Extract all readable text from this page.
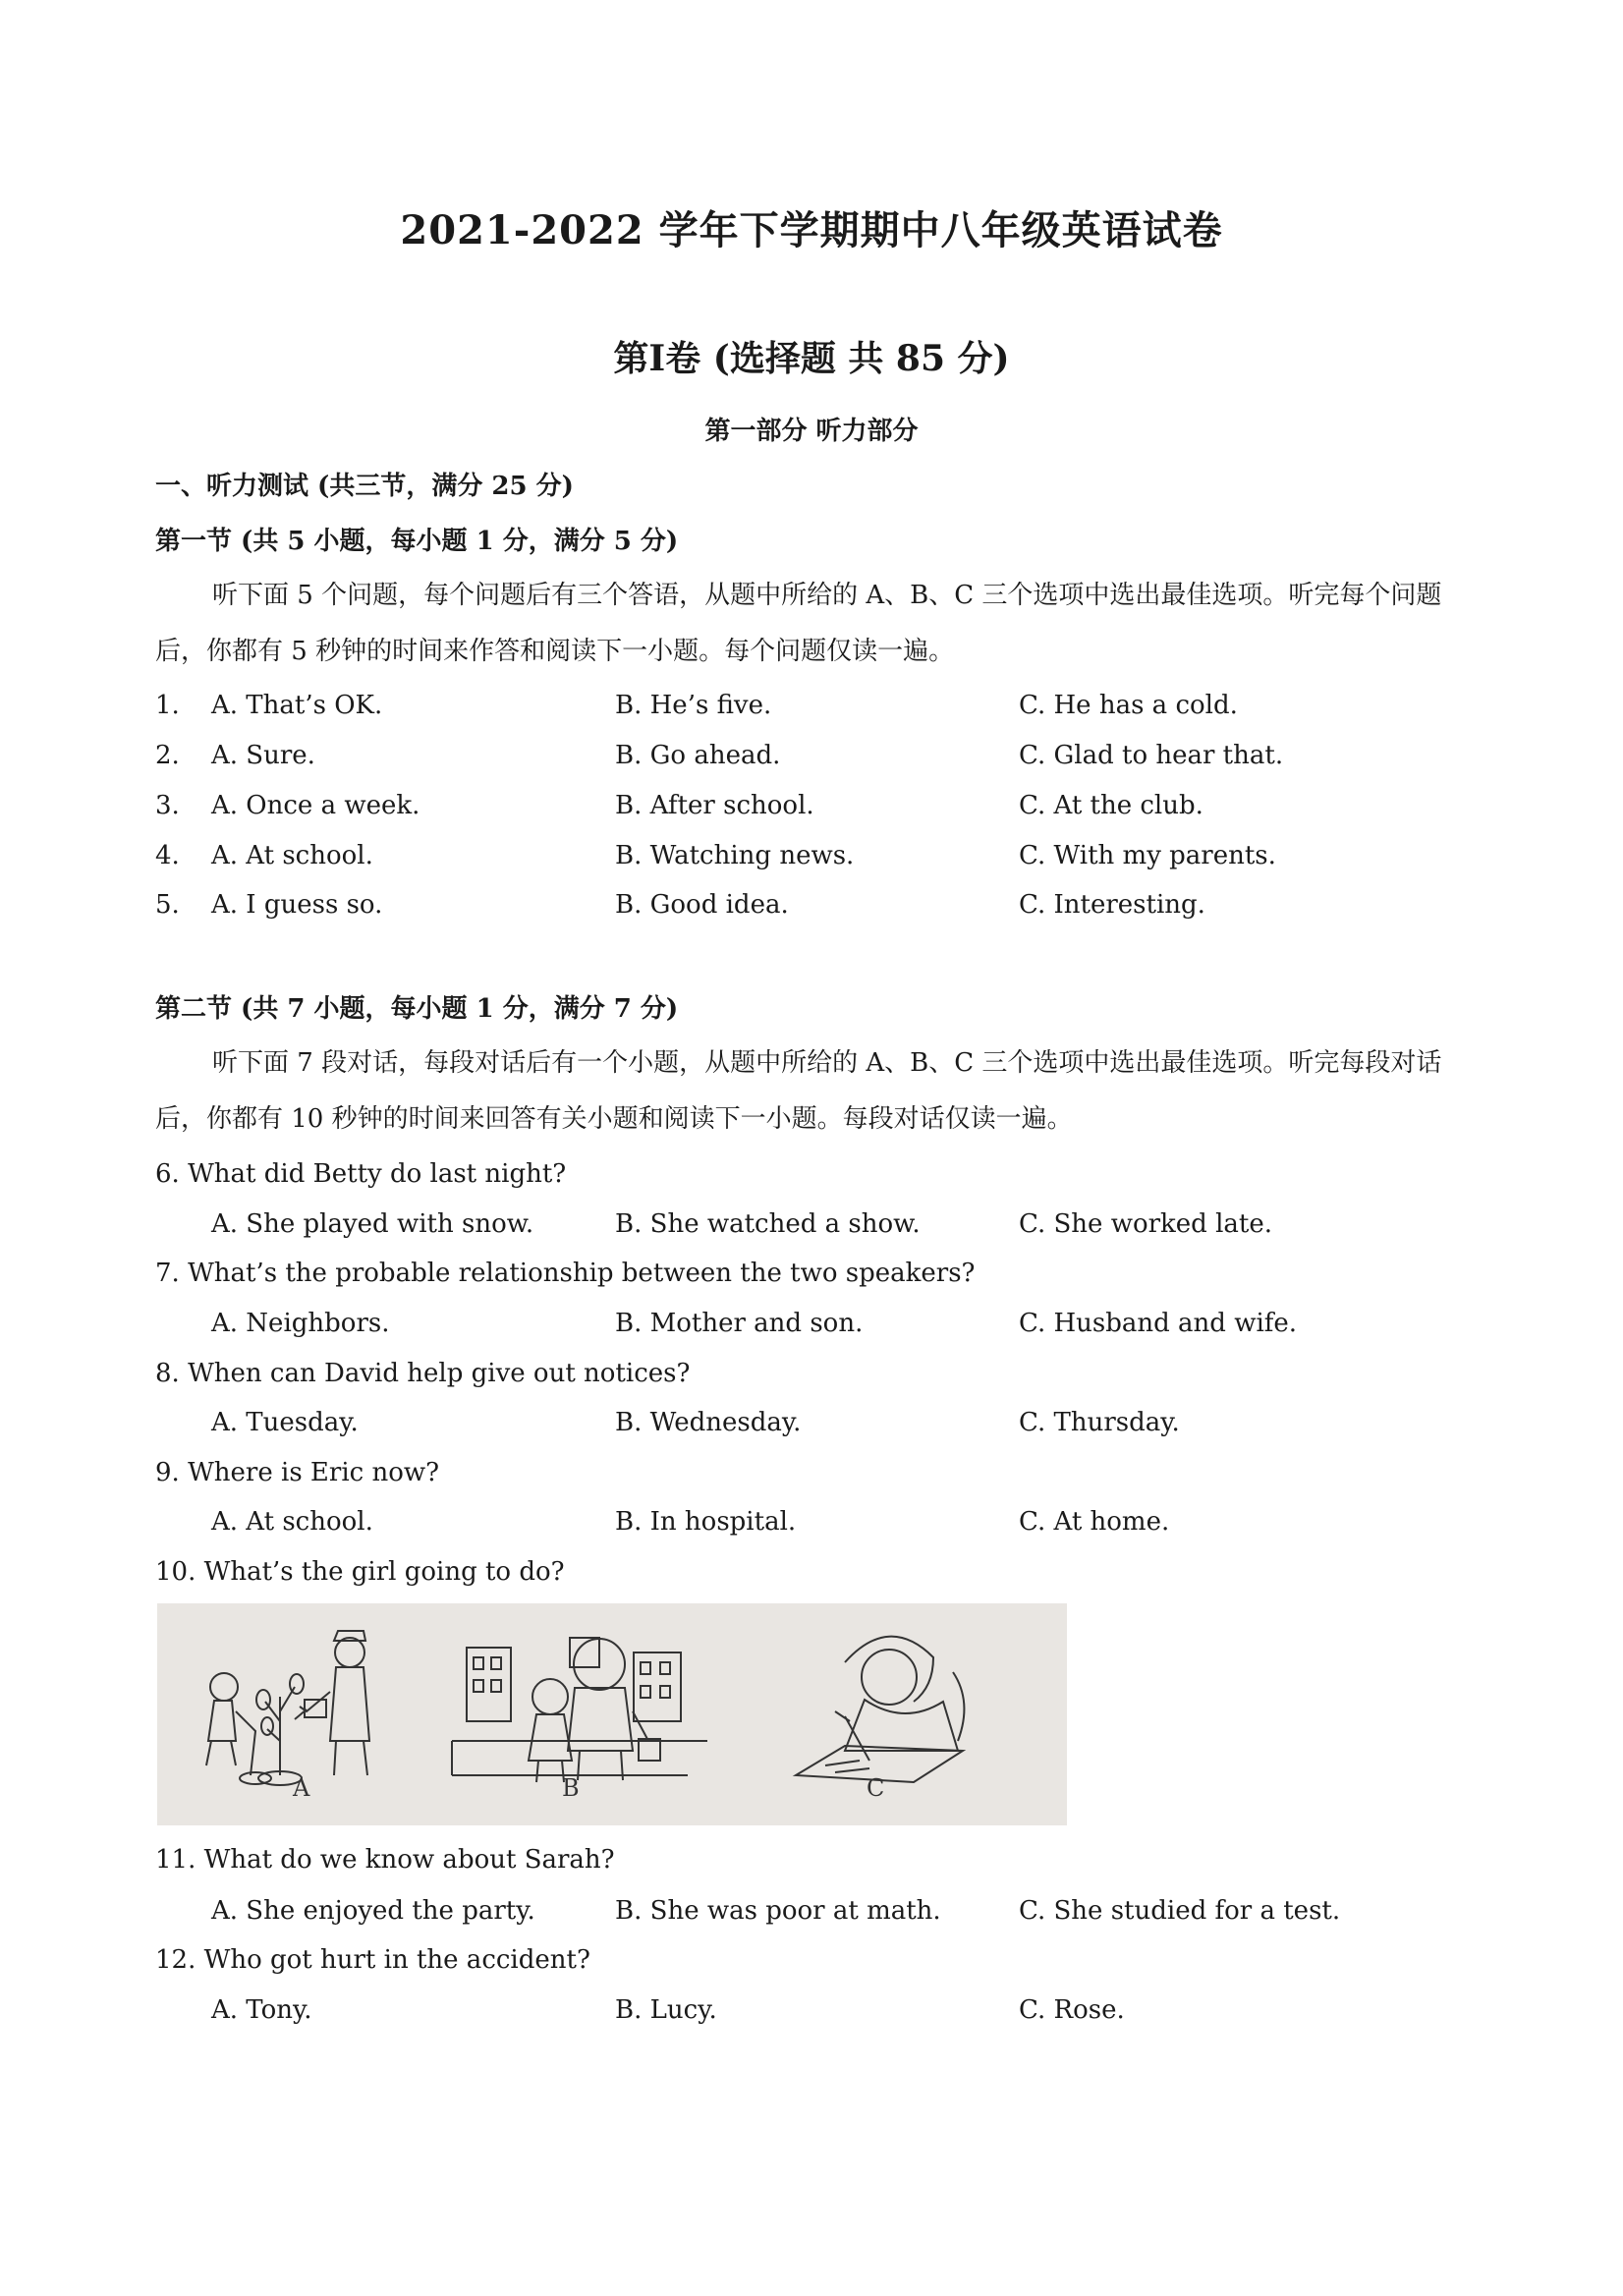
2021-2022 学年下学期期中八年级英语试卷
第Ⅰ卷 (选择题 共 85 分)
第一部分 听力部分
一、听力测试 (共三节，满分 25 分)
第一节 (共 5 小题，每小题 1 分，满分 5 分)
听下面 5 个问题，每个问题后有三个答语，从题中所给的 A、B、C 三个选项中选出最佳选项。听完每个问题后，你都有 5 秒钟的时间来作答和阅读下一小题。每个问题仅读一遍。
1. A. That’s OK.	B. He’s five.	C. He has a cold.
2. A. Sure.	B. Go ahead.	C. Glad to hear that.
3. A. Once a week.	B. After school.	C. At the club.
4. A. At school.	B. Watching news.	C. With my parents.
5. A. I guess so.	B. Good idea.	C. Interesting.
第二节 (共 7 小题，每小题 1 分，满分 7 分)
听下面 7 段对话，每段对话后有一个小题，从题中所给的 A、B、C 三个选项中选出最佳选项。听完每段对话后，你都有 10 秒钟的时间来回答有关小题和阅读下一小题。每段对话仅读一遍。
6. What did Betty do last night?
A. She played with snow.	B. She watched a show.	C. She worked late.
7. What’s the probable relationship between the two speakers?
A. Neighbors.	B. Mother and son.	C. Husband and wife.
8. When can David help give out notices?
A. Tuesday.	B. Wednesday.	C. Thursday.
9. Where is Eric now?
A. At school.	B. In hospital.	C. At home.
10. What’s the girl going to do?
A	B	C
11. What do we know about Sarah?
A. She enjoyed the party.	B. She was poor at math.	C. She studied for a test.
12. Who got hurt in the accident?
A. Tony.	B. Lucy.	C. Rose.
